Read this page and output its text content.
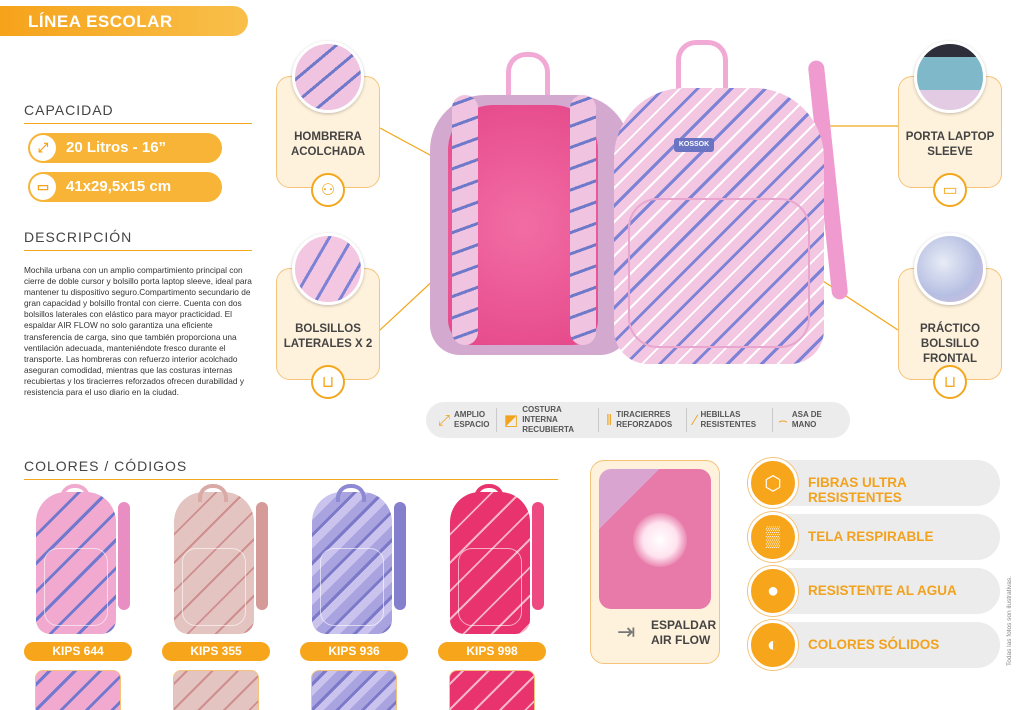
LÍNEA ESCOLAR
CAPACIDAD
⤢	20 Litros - 16”
▭	41x29,5x15 cm
DESCRIPCIÓN
Mochila urbana con un amplio compartimiento principal con cierre de doble cursor y bolsillo porta laptop sleeve, ideal para mantener tu dispositivo seguro.Compartimento secundario de gran capacidad y bolsillo frontal con cierre. Cuenta con dos bolsillos laterales con elástico para mayor practicidad. El espaldar AIR FLOW no solo garantiza una eficiente transferencia de carga, sino que también proporciona una ventilación adecuada, manteniéndote fresco durante el transporte. Las hombreras con refuerzo interior acolchado aseguran comodidad, mientras que las costuras internas recubiertas y los tiracierres reforzados ofrecen durabilidad y resistencia para el uso diario en la ciudad.
COLORES / CÓDIGOS
KOSSOK
HOMBRERA ACOLCHADA
⚇
BOLSILLOS LATERALES X 2
⊔
PORTA LAPTOP SLEEVE
▭
PRÁCTICO BOLSILLO FRONTAL
⊔
⤢ AMPLIO ESPACIO ◩
COSTURA INTERNA RECUBIERTA
‖ TIRACIERRES REFORZADOS ∕ HEBILLAS RESISTENTES ⌢ ASA DE MANO
⇥ ESPALDAR AIR FLOW
⬡	FIBRAS ULTRA RESISTENTES
▒	TELA RESPIRABLE
●	RESISTENTE AL AGUA
◐	COLORES SÓLIDOS	Todas las fotos son ilustrativas.
KIPS 644	KIPS 355	KIPS 936	KIPS 998
